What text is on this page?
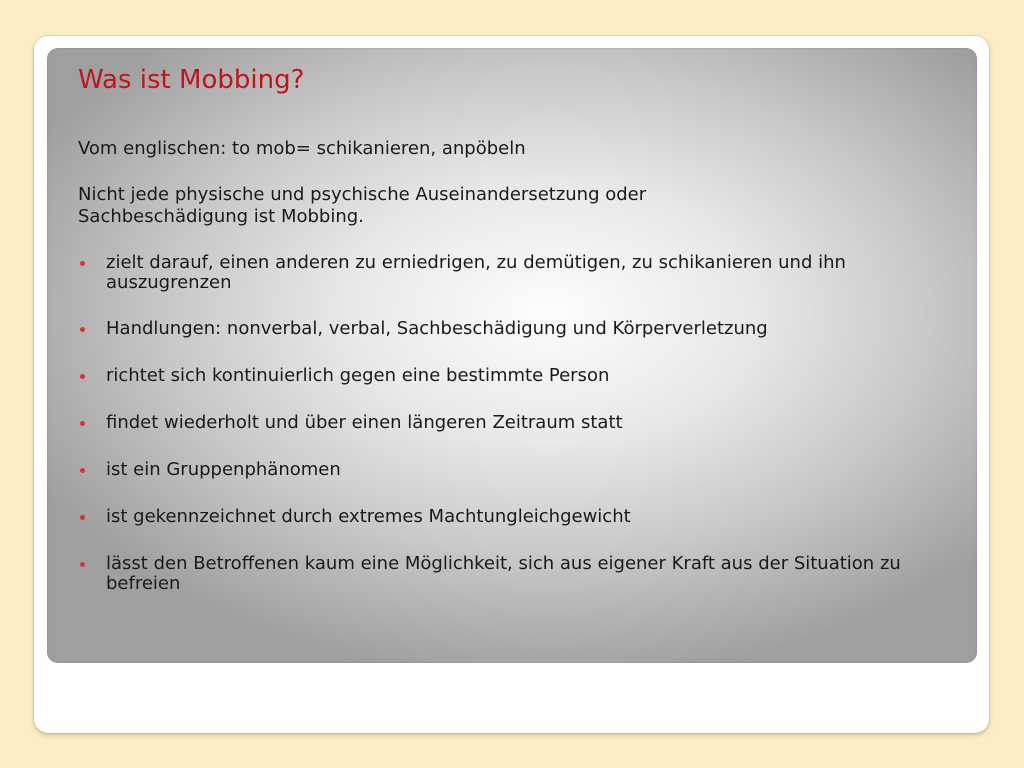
Was ist Mobbing?

Vom englischen: to mob= schikanieren, anpöbeln

Nicht jede physische und psychische Auseinandersetzung oder Sachbeschädigung ist Mobbing.

zielt darauf, einen anderen zu erniedrigen, zu demütigen, zu schikanieren und ihn auszugrenzen
Handlungen: nonverbal, verbal, Sachbeschädigung und Körperverletzung
richtet sich kontinuierlich gegen eine bestimmte Person
findet wiederholt und über einen längeren Zeitraum statt
ist ein Gruppenphänomen
ist gekennzeichnet durch extremes Machtungleichgewicht
lässt den Betroffenen kaum eine Möglichkeit, sich aus eigener Kraft aus der Situation zu befreien
